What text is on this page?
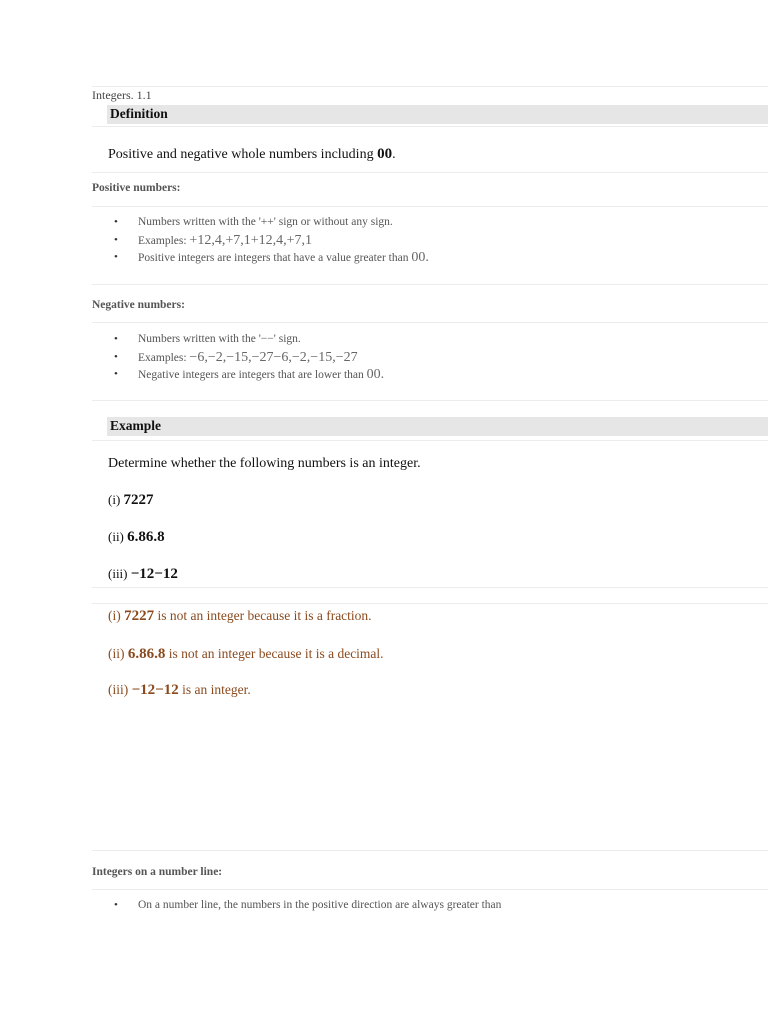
Integers. 1.1
Definition
Positive and negative whole numbers including 00.
Positive numbers:
• Numbers written with the '++' sign or without any sign.
• Examples: +12,4,+7,1+12,4,+7,1
• Positive integers are integers that have a value greater than 00.
Negative numbers:
• Numbers written with the '−−' sign.
• Examples: −6,−2,−15,−27−6,−2,−15,−27
• Negative integers are integers that are lower than 00.
Example
Determine whether the following numbers is an integer.
(i) 7227
(ii) 6.86.8
(iii) −12−12
(i) 7227 is not an integer because it is a fraction.
(ii) 6.86.8 is not an integer because it is a decimal.
(iii) −12−12 is an integer.
Integers on a number line:
• On a number line, the numbers in the positive direction are always greater than
